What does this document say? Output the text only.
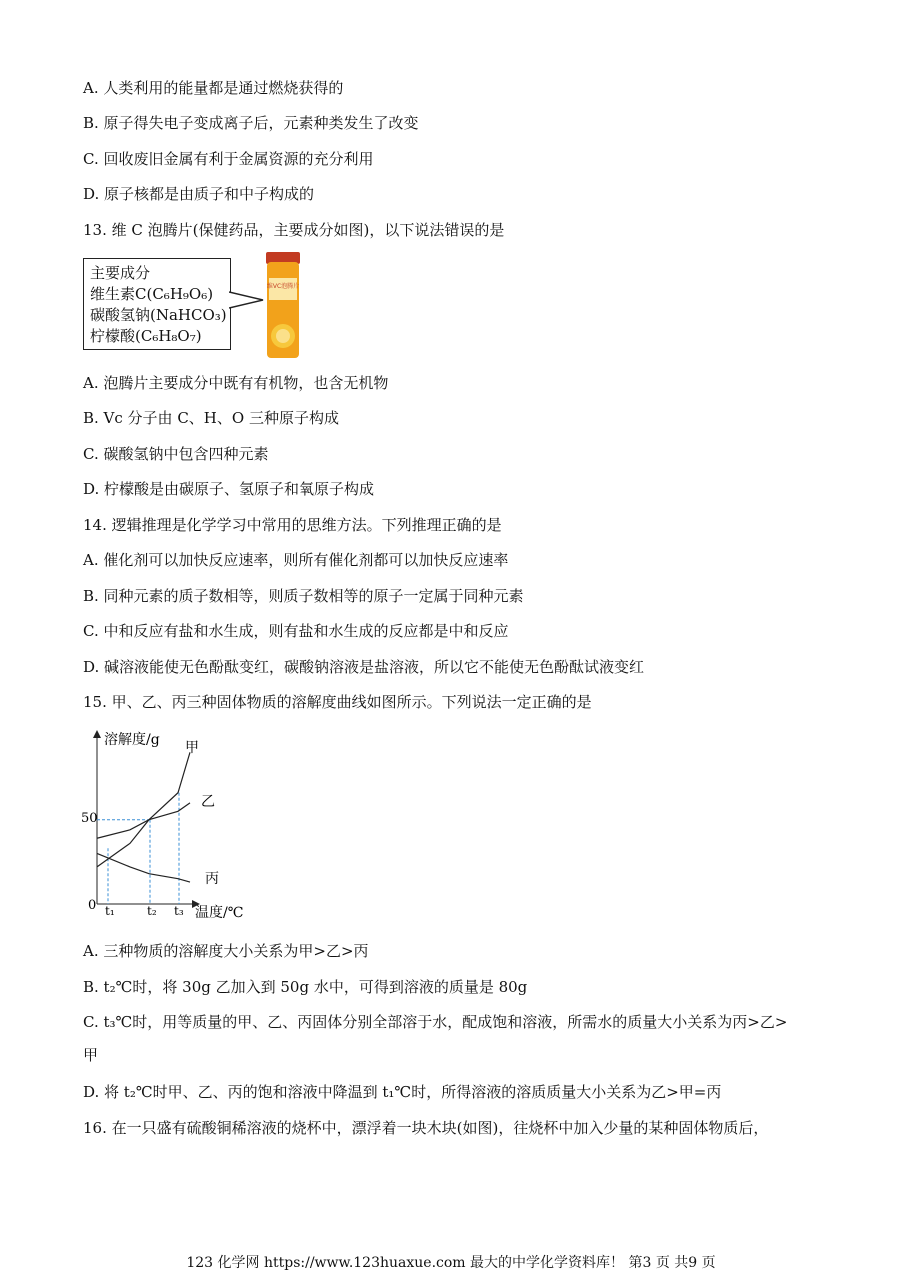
A. 人类利用的能量都是通过燃烧获得的
B. 原子得失电子变成离子后，元素种类发生了改变
C. 回收废旧金属有利于金属资源的充分利用
D. 原子核都是由质子和中子构成的
13. 维 C 泡腾片(保健药品，主要成分如图)，以下说法错误的是
主要成分
维生素C(C₆H₉O₆)
碳酸氢钠(NaHCO₃)
柠檬酸(C₆H₈O₇)
维VC泡腾片
A. 泡腾片主要成分中既有有机物，也含无机物
B. Vc 分子由 C、H、O 三种原子构成
C. 碳酸氢钠中包含四种元素
D. 柠檬酸是由碳原子、氢原子和氧原子构成
14. 逻辑推理是化学学习中常用的思维方法。下列推理正确的是
A. 催化剂可以加快反应速率，则所有催化剂都可以加快反应速率
B. 同种元素的质子数相等，则质子数相等的原子一定属于同种元素
C. 中和反应有盐和水生成，则有盐和水生成的反应都是中和反应
D. 碱溶液能使无色酚酞变红，碳酸钠溶液是盐溶液，所以它不能使无色酚酞试液变红
15. 甲、乙、丙三种固体物质的溶解度曲线如图所示。下列说法一定正确的是
溶解度/g
温度/℃
50
0 t₁	t₂ t₃
甲
乙
丙
A. 三种物质的溶解度大小关系为甲>乙>丙
B. t₂℃时，将 30g 乙加入到 50g 水中，可得到溶液的质量是 80g
C. t₃℃时，用等质量的甲、乙、丙固体分别全部溶于水，配成饱和溶液，所需水的质量大小关系为丙>乙>
甲
D. 将 t₂℃时甲、乙、丙的饱和溶液中降温到 t₁℃时，所得溶液的溶质质量大小关系为乙>甲=丙
16. 在一只盛有硫酸铜稀溶液的烧杯中，漂浮着一块木块(如图)，往烧杯中加入少量的某种固体物质后，
123 化学网 https://www.123huaxue.com 最大的中学化学资料库！ 第3 页 共9 页
